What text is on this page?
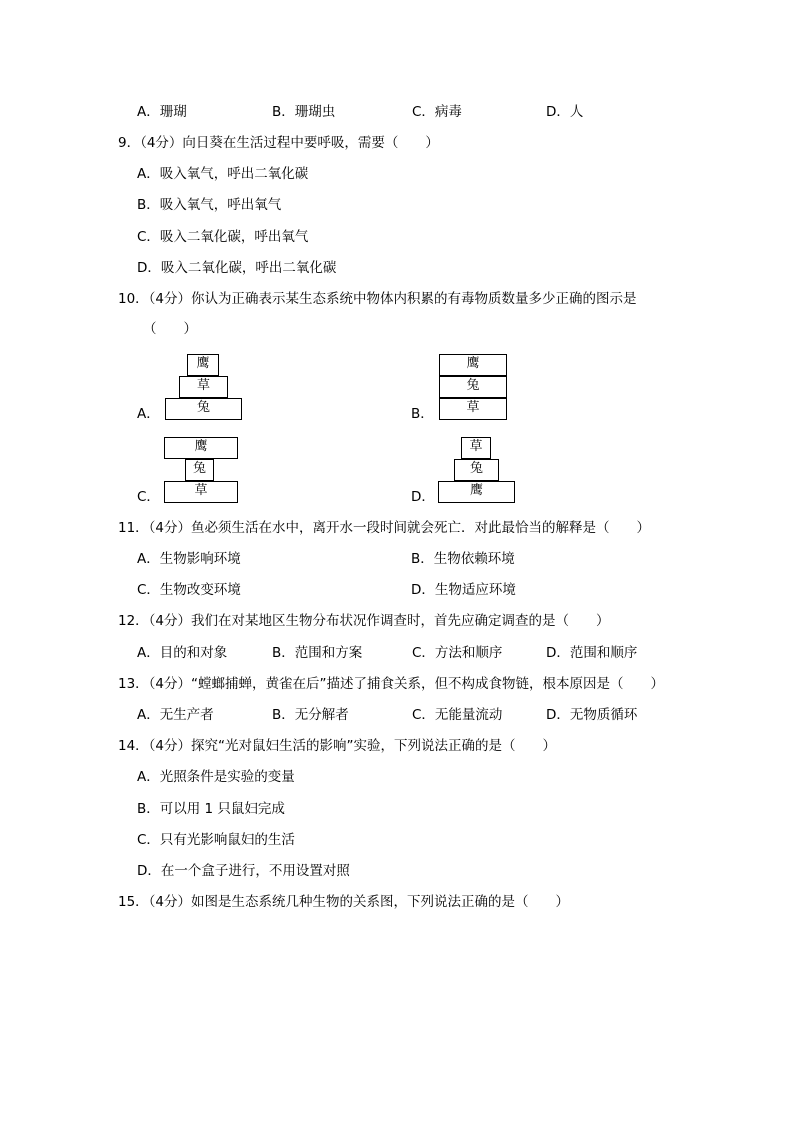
A．珊瑚	B．珊瑚虫	C．病毒	D．人
9．（4分）向日葵在生活过程中要呼吸，需要（　　）
A．吸入氧气，呼出二氧化碳
B．吸入氧气，呼出氧气
C．吸入二氧化碳，呼出氧气
D．吸入二氧化碳，呼出二氧化碳
10．（4分）你认为正确表示某生态系统中物体内积累的有毒物质数量多少正确的图示是
（　　）
A．
鹰
草
兔	B．
鹰
兔
草
C．
鹰
兔
草	D．
草
兔
鹰
11．（4分）鱼必须生活在水中，离开水一段时间就会死亡．对此最恰当的解释是（　　）
A．生物影响环境	B．生物依赖环境
C．生物改变环境	D．生物适应环境
12．（4分）我们在对某地区生物分布状况作调查时，首先应确定调查的是（　　）
A．目的和对象	B．范围和方案	C．方法和顺序	D．范围和顺序
13．（4分）“螳螂捕蝉，黄雀在后”描述了捕食关系，但不构成食物链，根本原因是（　　）
A．无生产者	B．无分解者	C．无能量流动	D．无物质循环
14．（4分）探究“光对鼠妇生活的影响”实验，下列说法正确的是（　　）
A．光照条件是实验的变量
B．可以用 1 只鼠妇完成
C．只有光影响鼠妇的生活
D．在一个盒子进行，不用设置对照
15．（4分）如图是生态系统几种生物的关系图，下列说法正确的是（　　）
